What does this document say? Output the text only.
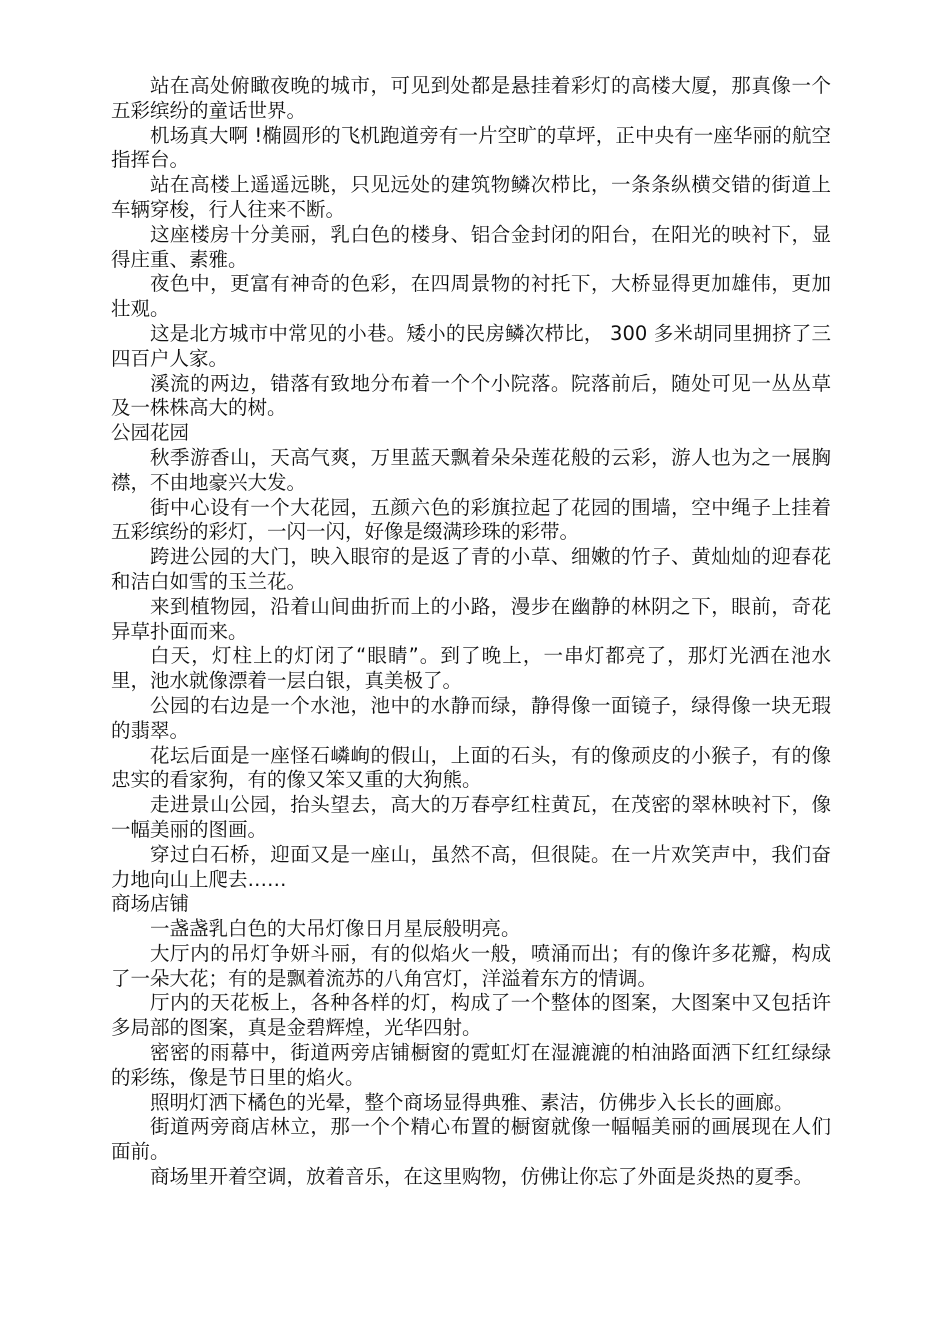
站在高处俯瞰夜晚的城市，可见到处都是悬挂着彩灯的高楼大厦，那真像一个五彩缤纷的童话世界。

机场真大啊 !椭圆形的飞机跑道旁有一片空旷的草坪，正中央有一座华丽的航空指挥台。

站在高楼上遥遥远眺，只见远处的建筑物鳞次栉比，一条条纵横交错的街道上车辆穿梭，行人往来不断。

这座楼房十分美丽，乳白色的楼身、铝合金封闭的阳台，在阳光的映衬下，显得庄重、素雅。

夜色中，更富有神奇的色彩，在四周景物的衬托下，大桥显得更加雄伟，更加壮观。

这是北方城市中常见的小巷。矮小的民房鳞次栉比， 300 多米胡同里拥挤了三四百户人家。

溪流的两边，错落有致地分布着一个个小院落。院落前后，随处可见一丛丛草及一株株高大的树。

公园花园

秋季游香山，天高气爽，万里蓝天飘着朵朵莲花般的云彩，游人也为之一展胸襟，不由地豪兴大发。

街中心设有一个大花园，五颜六色的彩旗拉起了花园的围墙，空中绳子上挂着五彩缤纷的彩灯，一闪一闪，好像是缀满珍珠的彩带。

跨进公园的大门，映入眼帘的是返了青的小草、细嫩的竹子、黄灿灿的迎春花和洁白如雪的玉兰花。

来到植物园，沿着山间曲折而上的小路，漫步在幽静的林阴之下，眼前，奇花异草扑面而来。

白天，灯柱上的灯闭了“眼睛”。到了晚上，一串灯都亮了，那灯光洒在池水里，池水就像漂着一层白银，真美极了。

公园的右边是一个水池，池中的水静而绿，静得像一面镜子，绿得像一块无瑕的翡翠。

花坛后面是一座怪石嶙峋的假山，上面的石头，有的像顽皮的小猴子，有的像忠实的看家狗，有的像又笨又重的大狗熊。

走进景山公园，抬头望去，高大的万春亭红柱黄瓦，在茂密的翠林映衬下，像一幅美丽的图画。

穿过白石桥，迎面又是一座山，虽然不高，但很陡。在一片欢笑声中，我们奋力地向山上爬去……

商场店铺

一盏盏乳白色的大吊灯像日月星辰般明亮。

大厅内的吊灯争妍斗丽，有的似焰火一般，喷涌而出；有的像许多花瓣，构成了一朵大花；有的是飘着流苏的八角宫灯，洋溢着东方的情调。

厅内的天花板上，各种各样的灯，构成了一个整体的图案，大图案中又包括许多局部的图案，真是金碧辉煌，光华四射。

密密的雨幕中，街道两旁店铺橱窗的霓虹灯在湿漉漉的柏油路面洒下红红绿绿的彩练，像是节日里的焰火。

照明灯洒下橘色的光晕，整个商场显得典雅、素洁，仿佛步入长长的画廊。

街道两旁商店林立，那一个个精心布置的橱窗就像一幅幅美丽的画展现在人们面前。

商场里开着空调，放着音乐，在这里购物，仿佛让你忘了外面是炎热的夏季。
